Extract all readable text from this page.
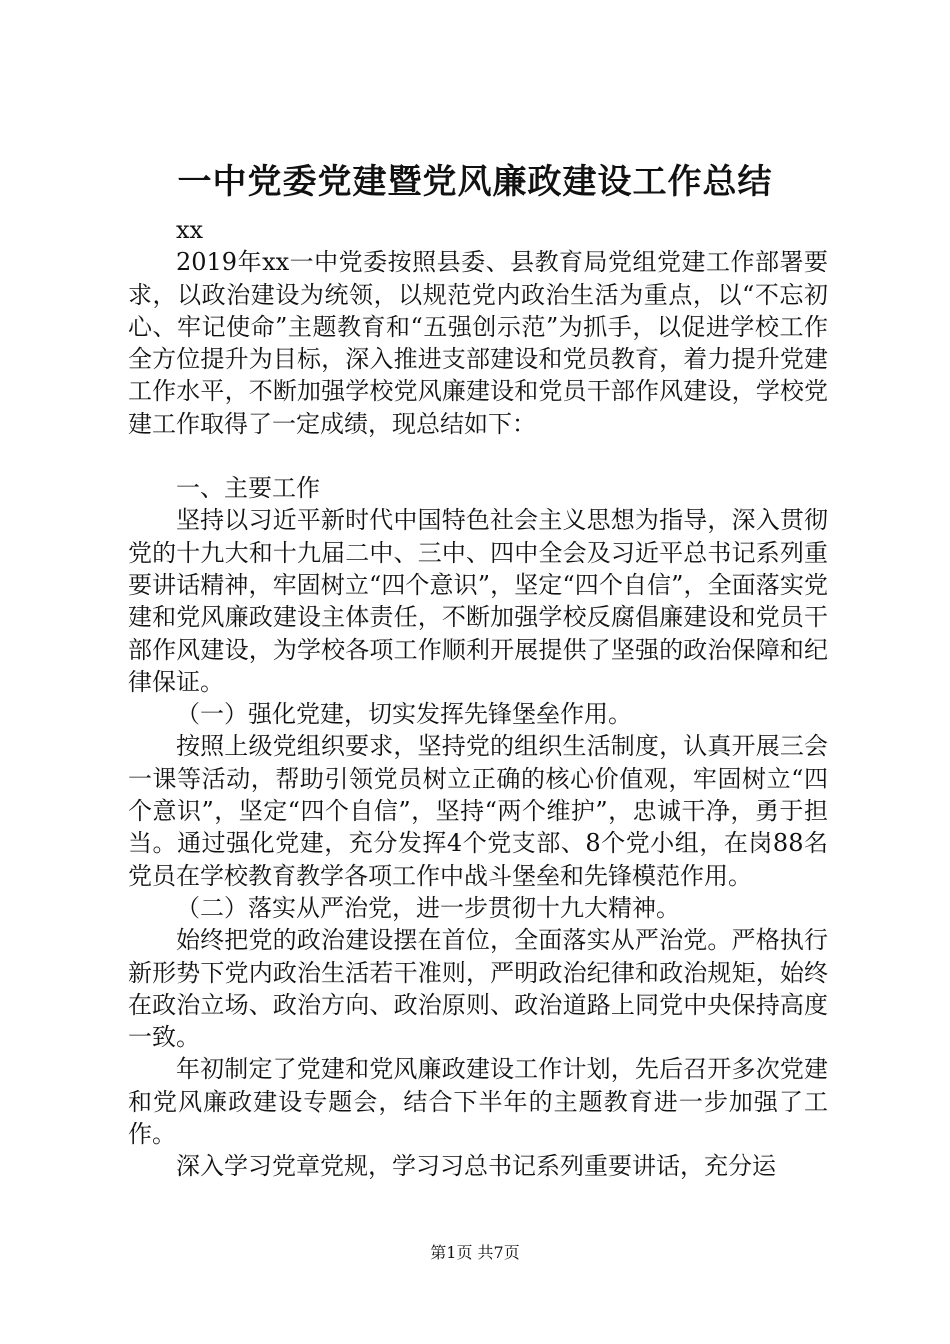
一中党委党建暨党风廉政建设工作总结

xx

2019年xx一中党委按照县委、县教育局党组党建工作部署要求，以政治建设为统领，以规范党内政治生活为重点，以“不忘初心、牢记使命”主题教育和“五强创示范”为抓手，以促进学校工作全方位提升为目标，深入推进支部建设和党员教育，着力提升党建工作水平，不断加强学校党风廉建设和党员干部作风建设，学校党建工作取得了一定成绩，现总结如下：

一、主要工作

坚持以习近平新时代中国特色社会主义思想为指导，深入贯彻党的十九大和十九届二中、三中、四中全会及习近平总书记系列重要讲话精神，牢固树立“四个意识”，坚定“四个自信”，全面落实党建和党风廉政建设主体责任，不断加强学校反腐倡廉建设和党员干部作风建设，为学校各项工作顺利开展提供了坚强的政治保障和纪律保证。

（一）强化党建，切实发挥先锋堡垒作用。

按照上级党组织要求，坚持党的组织生活制度，认真开展三会一课等活动，帮助引领党员树立正确的核心价值观，牢固树立“四个意识”，坚定“四个自信”，坚持“两个维护”，忠诚干净，勇于担当。通过强化党建，充分发挥4个党支部、8个党小组，在岗88名党员在学校教育教学各项工作中战斗堡垒和先锋模范作用。

（二）落实从严治党，进一步贯彻十九大精神。

始终把党的政治建设摆在首位，全面落实从严治党。严格执行新形势下党内政治生活若干准则，严明政治纪律和政治规矩，始终在政治立场、政治方向、政治原则、政治道路上同党中央保持高度一致。

年初制定了党建和党风廉政建设工作计划，先后召开多次党建和党风廉政建设专题会，结合下半年的主题教育进一步加强了工作。

深入学习党章党规，学习习总书记系列重要讲话，充分运

第1页 共7页
